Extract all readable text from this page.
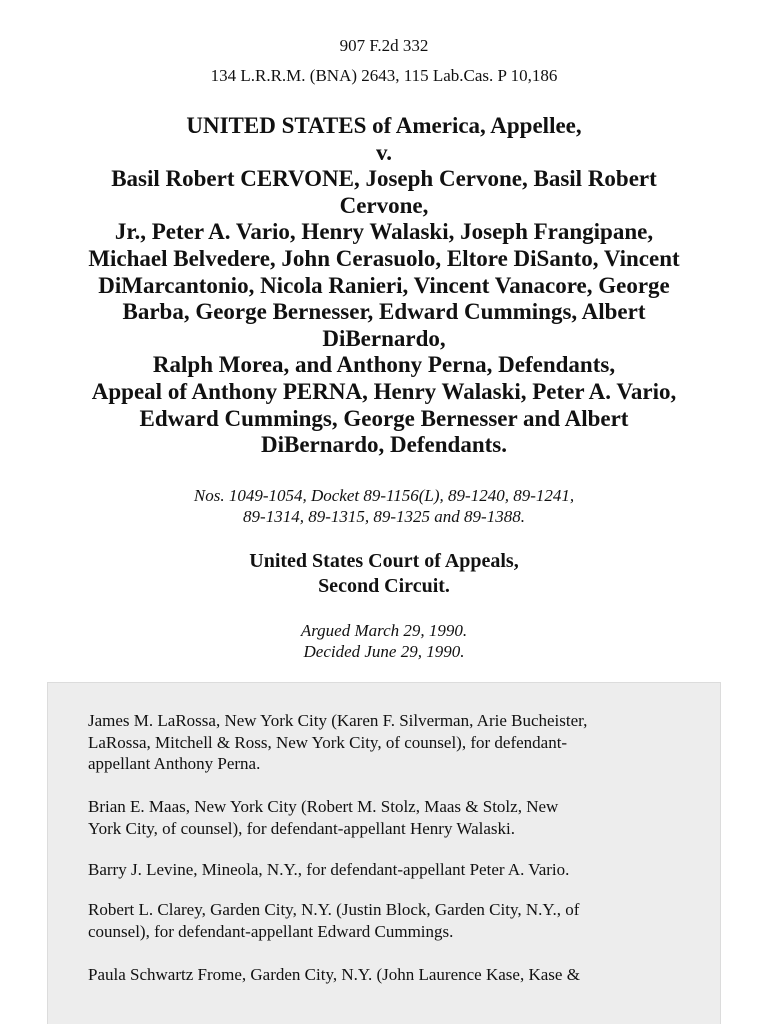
907 F.2d 332
134 L.R.R.M. (BNA) 2643, 115 Lab.Cas. P 10,186
UNITED STATES of America, Appellee,
v.
Basil Robert CERVONE, Joseph Cervone, Basil Robert
Cervone,
Jr., Peter A. Vario, Henry Walaski, Joseph Frangipane,
Michael Belvedere, John Cerasuolo, Eltore DiSanto, Vincent
DiMarcantonio, Nicola Ranieri, Vincent Vanacore, George
Barba, George Bernesser, Edward Cummings, Albert
DiBernardo,
Ralph Morea, and Anthony Perna, Defendants,
Appeal of Anthony PERNA, Henry Walaski, Peter A. Vario,
Edward Cummings, George Bernesser and Albert
DiBernardo, Defendants.
Nos. 1049-1054, Docket 89-1156(L), 89-1240, 89-1241,
89-1314, 89-1315, 89-1325 and 89-1388.
United States Court of Appeals,
Second Circuit.
Argued March 29, 1990.
Decided June 29, 1990.
James M. LaRossa, New York City (Karen F. Silverman, Arie Bucheister,
LaRossa, Mitchell & Ross, New York City, of counsel), for defendant-
appellant Anthony Perna.
Brian E. Maas, New York City (Robert M. Stolz, Maas & Stolz, New
York City, of counsel), for defendant-appellant Henry Walaski.
Barry J. Levine, Mineola, N.Y., for defendant-appellant Peter A. Vario.
Robert L. Clarey, Garden City, N.Y. (Justin Block, Garden City, N.Y., of
counsel), for defendant-appellant Edward Cummings.
Paula Schwartz Frome, Garden City, N.Y. (John Laurence Kase, Kase &
